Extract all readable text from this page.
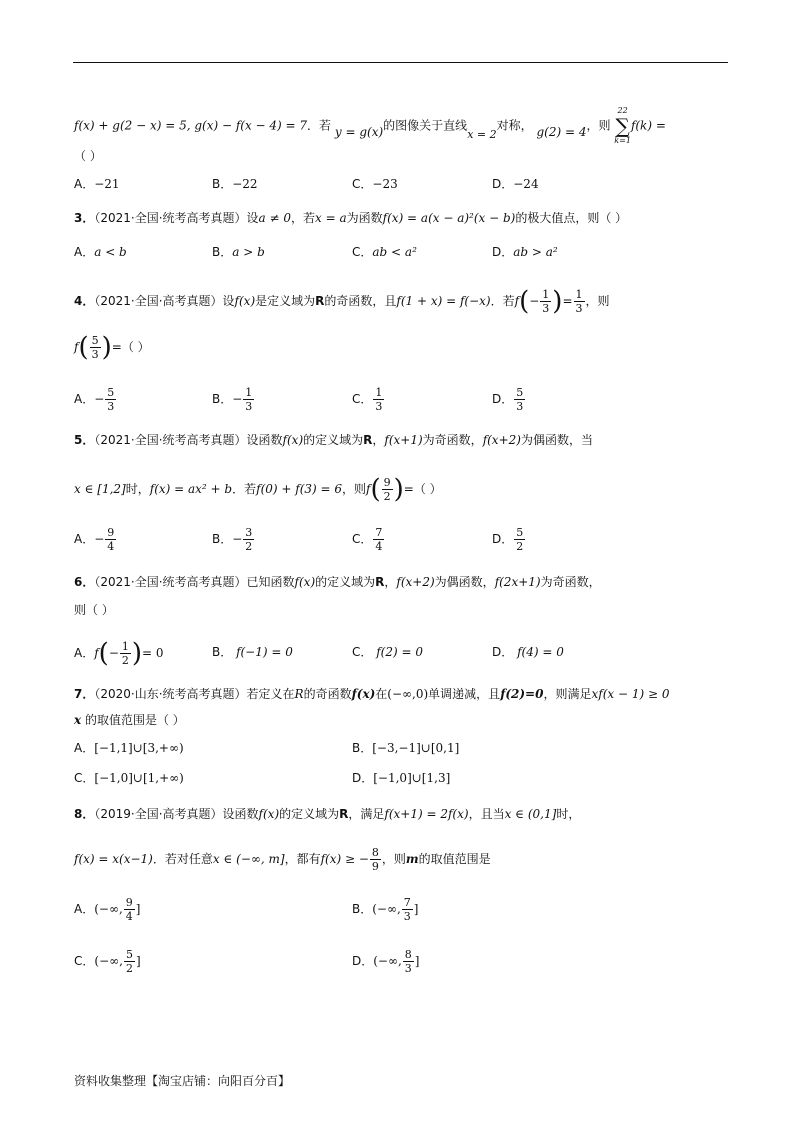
f(x) + g(2 − x) = 5, g(x) − f(x − 4) = 7．若 y = g(x)的图像关于直线x = 2对称， g(2) = 4，则
22
∑
k=1
f(k) =
（ ）
A．−21	B．−22	C．−23	D．−24
3．（2021·全国·统考高考真题）设a ≠ 0，若x = a为函数f(x) = a(x − a)²(x − b)的极大值点，则（ ）
A．a < b	B．a > b	C．ab < a²	D．ab > a²
4．（2021·全国·高考真题）设f(x)是定义域为R的奇函数，且f(1 + x) = f(−x)．若$f(- \frac{1}{3}$ )= $\frac{1}{3}$ ，则
$f( \frac{5}{3}$ )=（ ）
A．− $\frac{5}{3}$	B．− $\frac{1}{3}$	C． $\frac{1}{3}$	D． $\frac{5}{3}$
5．（2021·全国·统考高考真题）设函数f(x)的定义域为R，f(x+1)为奇函数，f(x+2)为偶函数，当
x ∈ [1,2]时，f(x) = ax² + b．若f(0) + f(3) = 6，则$f( \frac{9}{2}$ )=（ ）
A．− $\frac{9}{4}$	B．− $\frac{3}{2}$	C． $\frac{7}{4}$	D． $\frac{5}{2}$
6．（2021·全国·统考高考真题）已知函数f(x)的定义域为R，f(x+2)为偶函数，f(2x+1)为奇函数，
则（ ）
A．$f(- \frac{1}{2}$ )= 0	B． f(−1) = 0	C． f(2) = 0	D． f(4) = 0
7．（2020·山东·统考高考真题）若定义在R的奇函数f(x)在(−∞,0)单调递减，且f(2)=0，则满足xf(x − 1) ≥ 0
x 的取值范围是（ ）
A．[−1,1]∪[3,+∞)	B．[−3,−1]∪[0,1]
C．[−1,0]∪[1,+∞)	D．[−1,0]∪[1,3]
8．（2019·全国·高考真题）设函数f(x)的定义域为R，满足f(x+1) = 2f(x)，且当x ∈ (0,1]时，
f(x) = x(x−1)．若对任意x ∈ (−∞, m]，都有f(x) ≥ − $\frac{8}{9}$ ，则m的取值范围是
A．(−∞, $\frac{9}{4}$ ]	B．(−∞, $\frac{7}{3}$ ]
C．(−∞, $\frac{5}{2}$ ]	D．(−∞, $\frac{8}{3}$ ]
资料收集整理【淘宝店铺：向阳百分百】
